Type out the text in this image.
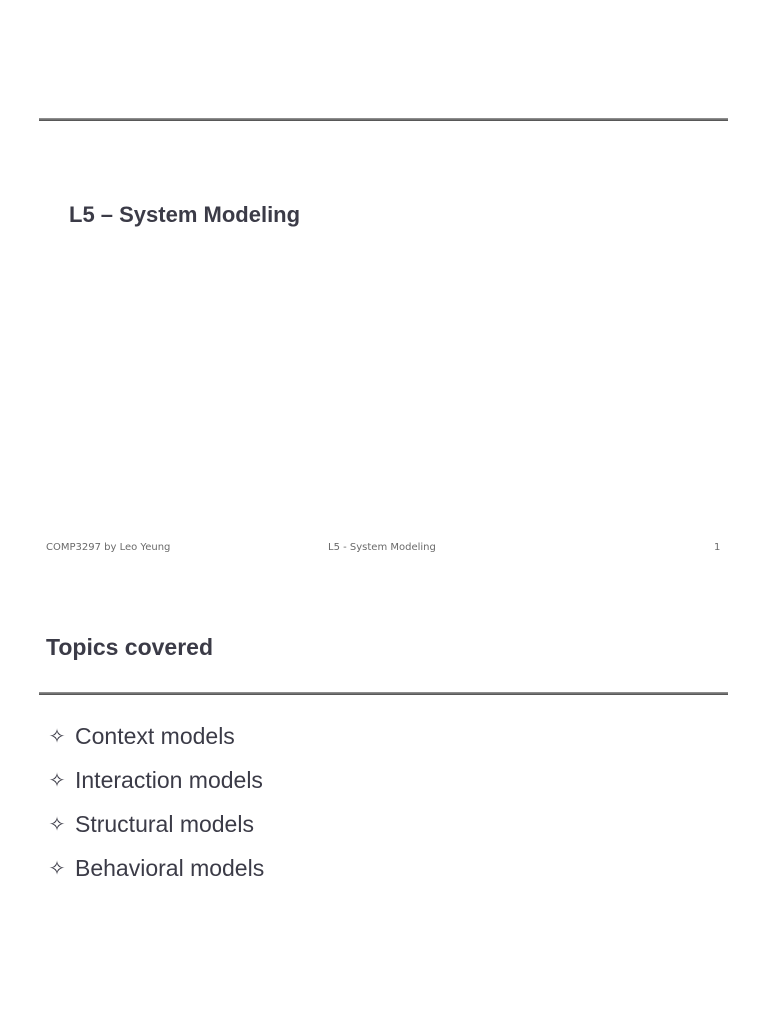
L5 – System Modeling
COMP3297 by Leo Yeung	L5 - System Modeling	1
Topics covered
✧ Context models
✧ Interaction models
✧ Structural models
✧ Behavioral models
